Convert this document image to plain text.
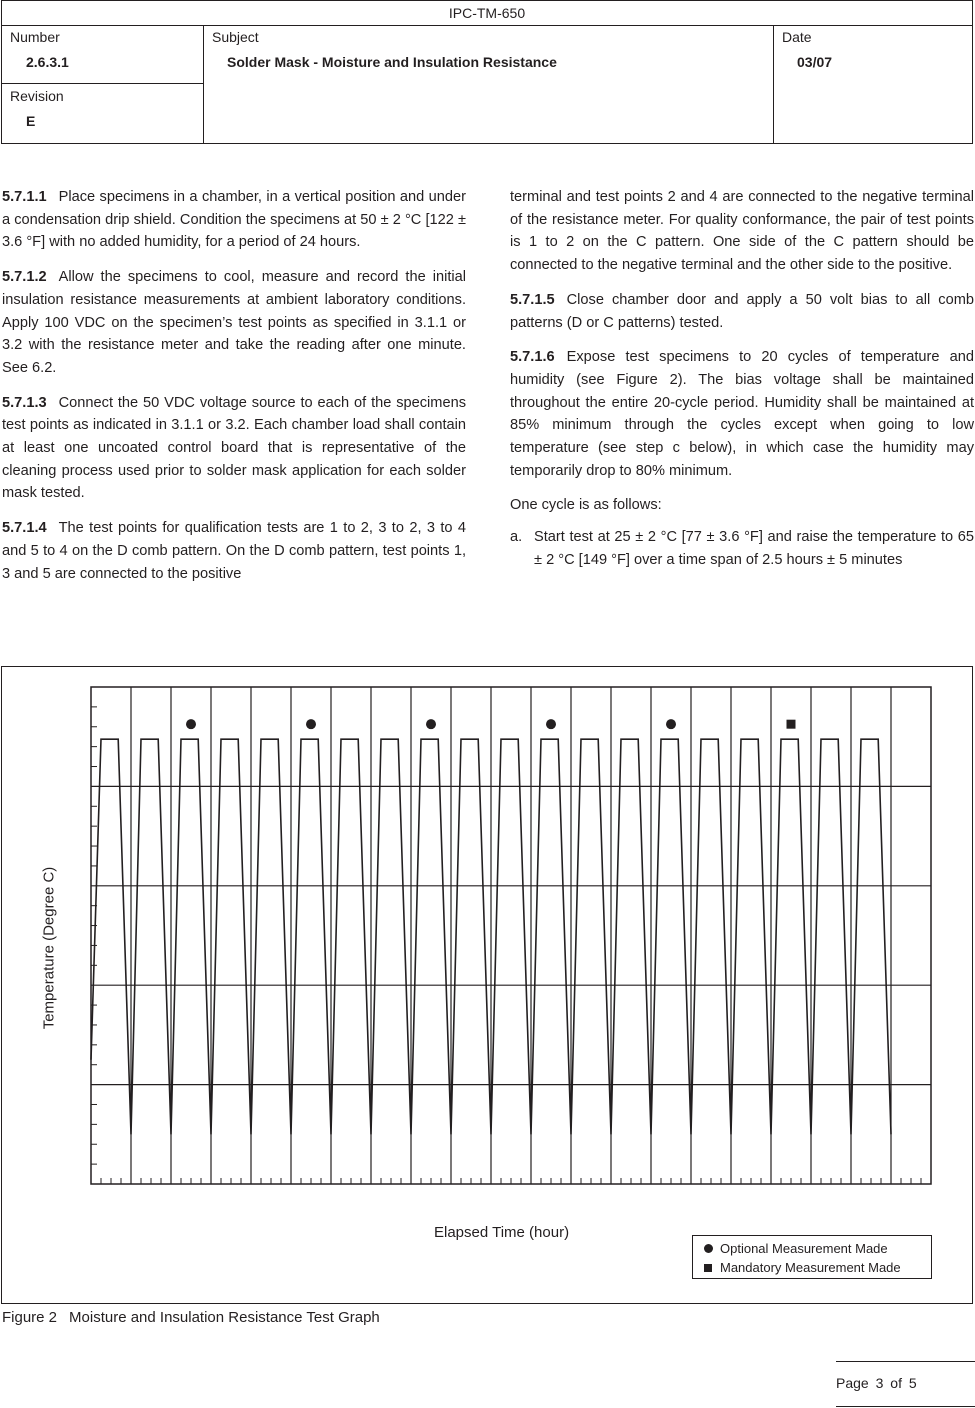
IPC-TM-650
Number
2.6.3.1
Revision
E
Subject
Solder Mask - Moisture and Insulation Resistance
Date
03/07

5.7.1.1 Place specimens in a chamber, in a vertical position and under a condensation drip shield. Condition the specimens at 50 ± 2 °C [122 ± 3.6 °F] with no added humidity, for a period of 24 hours.

5.7.1.2 Allow the specimens to cool, measure and record the initial insulation resistance measurements at ambient laboratory conditions. Apply 100 VDC on the specimen’s test points as specified in 3.1.1 or 3.2 with the resistance meter and take the reading after one minute. See 6.2.

5.7.1.3 Connect the 50 VDC voltage source to each of the specimens test points as indicated in 3.1.1 or 3.2. Each chamber load shall contain at least one uncoated control board that is representative of the cleaning process used prior to solder mask application for each solder mask tested.

5.7.1.4 The test points for qualification tests are 1 to 2, 3 to 2, 3 to 4 and 5 to 4 on the D comb pattern. On the D comb pattern, test points 1, 3 and 5 are connected to the positive

terminal and test points 2 and 4 are connected to the negative terminal of the resistance meter. For quality conformance, the pair of test points is 1 to 2 on the C pattern. One side of the C pattern should be connected to the negative terminal and the other side to the positive.

5.7.1.5 Close chamber door and apply a 50 volt bias to all comb patterns (D or C patterns) tested.

5.7.1.6 Expose test specimens to 20 cycles of temperature and humidity (see Figure 2). The bias voltage shall be maintained throughout the entire 20-cycle period. Humidity shall be maintained at 85% minimum through the cycles except when going to low temperature (see step c below), in which case the humidity may temporarily drop to 80% minimum.

One cycle is as follows:

a. Start test at 25 ± 2 °C [77 ± 3.6 °F] and raise the temperature to 65 ± 2 °C [149 °F] over a time span of 2.5 hours ± 5 minutes
Temperature (Degree C)
Elapsed Time (hour)
Optional Measurement Made
Mandatory Measurement Made
Figure 2 Moisture and Insulation Resistance Test Graph
Page 3 of 5
